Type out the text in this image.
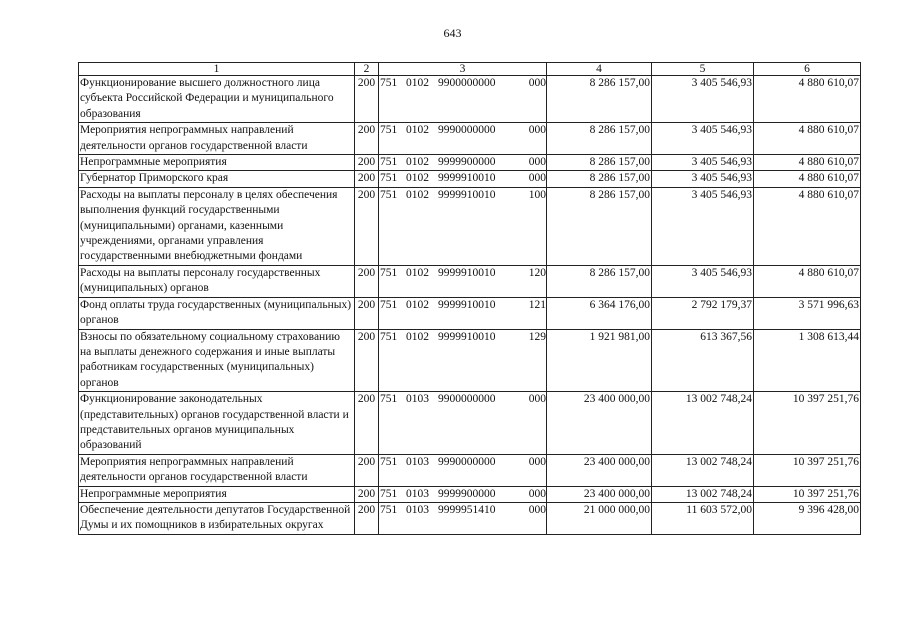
643
1	2	3	4	5	6
Функционирование высшего должностного лица субъекта Российской Федерации и муниципального образования	200	751 0102 9900000000 000	8 286 157,00	3 405 546,93	4 880 610,07
Мероприятия непрограммных направлений деятельности органов государственной власти	200	751 0102 9990000000 000	8 286 157,00	3 405 546,93	4 880 610,07
Непрограммные мероприятия	200	751 0102 9999900000 000	8 286 157,00	3 405 546,93	4 880 610,07
Губернатор Приморского края	200	751 0102 9999910010 000	8 286 157,00	3 405 546,93	4 880 610,07
Расходы на выплаты персоналу в целях обеспечения выполнения функций государственными (муниципальными) органами, казенными учреждениями, органами управления государственными внебюджетными фондами	200	751 0102 9999910010 100	8 286 157,00	3 405 546,93	4 880 610,07
Расходы на выплаты персоналу государственных (муниципальных) органов	200	751 0102 9999910010 120	8 286 157,00	3 405 546,93	4 880 610,07
Фонд оплаты труда государственных (муниципальных) органов	200	751 0102 9999910010 121	6 364 176,00	2 792 179,37	3 571 996,63
Взносы по обязательному социальному страхованию на выплаты денежного содержания и иные выплаты работникам государственных (муниципальных) органов	200	751 0102 9999910010 129	1 921 981,00	613 367,56	1 308 613,44
Функционирование законодательных (представительных) органов государственной власти и представительных органов муниципальных образований	200	751 0103 9900000000 000	23 400 000,00	13 002 748,24	10 397 251,76
Мероприятия непрограммных направлений деятельности органов государственной власти	200	751 0103 9990000000 000	23 400 000,00	13 002 748,24	10 397 251,76
Непрограммные мероприятия	200	751 0103 9999900000 000	23 400 000,00	13 002 748,24	10 397 251,76
Обеспечение деятельности депутатов Государственной Думы и их помощников в избирательных округах	200	751 0103 9999951410 000	21 000 000,00	11 603 572,00	9 396 428,00
